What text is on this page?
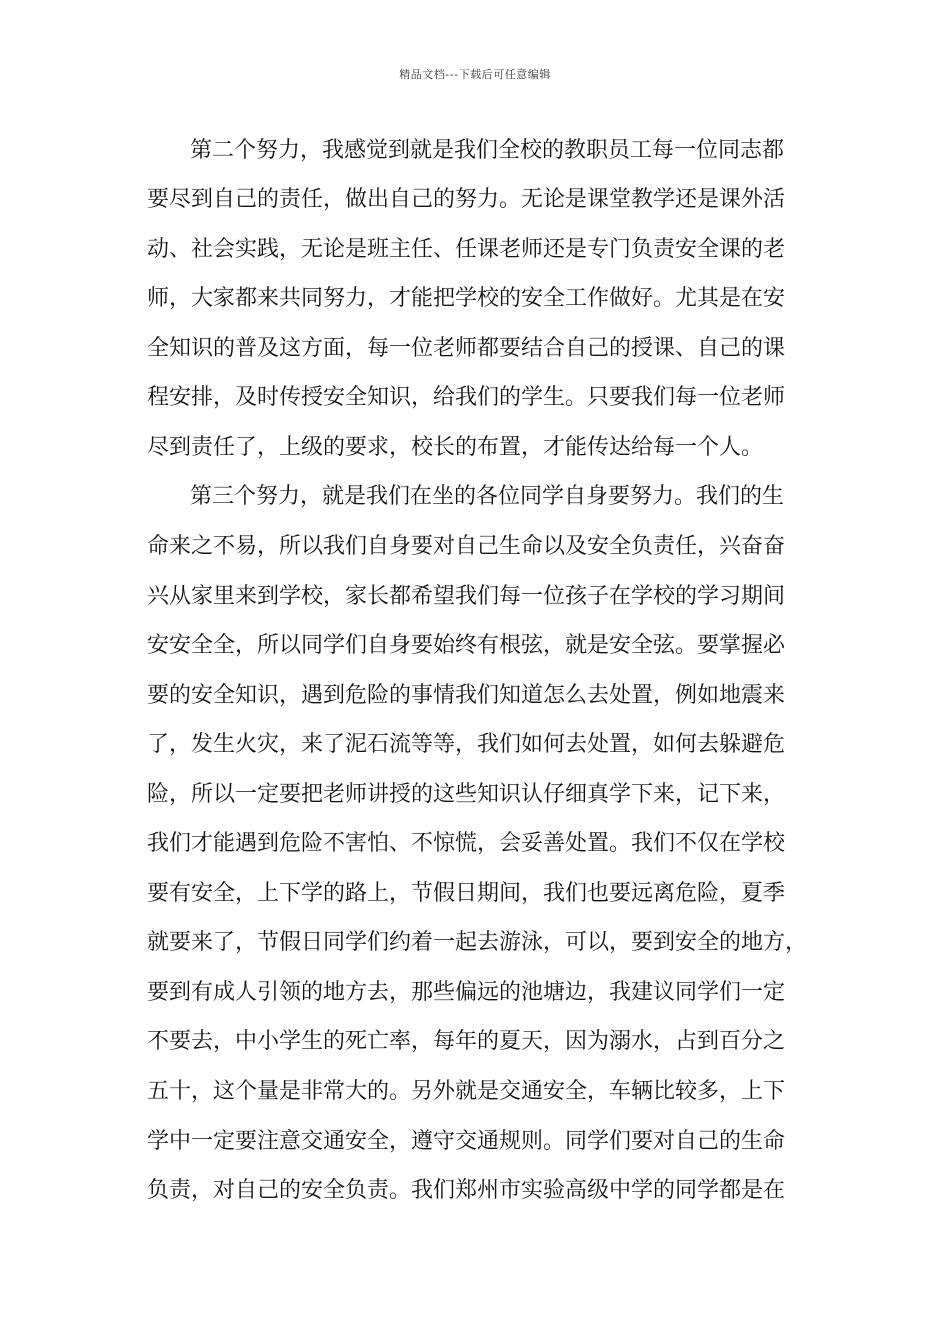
精品文档---下载后可任意编辑
第二个努力，我感觉到就是我们全校的教职员工每一位同志都
要尽到自己的责任，做出自己的努力。无论是课堂教学还是课外活
动、社会实践，无论是班主任、任课老师还是专门负责安全课的老
师，大家都来共同努力，才能把学校的安全工作做好。尤其是在安
全知识的普及这方面，每一位老师都要结合自己的授课、自己的课
程安排，及时传授安全知识，给我们的学生。只要我们每一位老师
尽到责任了，上级的要求，校长的布置，才能传达给每一个人。
第三个努力，就是我们在坐的各位同学自身要努力。我们的生
命来之不易，所以我们自身要对自己生命以及安全负责任，兴奋奋
兴从家里来到学校，家长都希望我们每一位孩子在学校的学习期间
安安全全，所以同学们自身要始终有根弦，就是安全弦。要掌握必
要的安全知识，遇到危险的事情我们知道怎么去处置，例如地震来
了，发生火灾，来了泥石流等等，我们如何去处置，如何去躲避危
险，所以一定要把老师讲授的这些知识认仔细真学下来，记下来，
我们才能遇到危险不害怕、不惊慌，会妥善处置。我们不仅在学校
要有安全，上下学的路上，节假日期间，我们也要远离危险，夏季
就要来了，节假日同学们约着一起去游泳，可以，要到安全的地方，
要到有成人引领的地方去，那些偏远的池塘边，我建议同学们一定
不要去，中小学生的死亡率，每年的夏天，因为溺水，占到百分之
五十，这个量是非常大的。另外就是交通安全，车辆比较多，上下
学中一定要注意交通安全，遵守交通规则。同学们要对自己的生命
负责，对自己的安全负责。我们郑州市实验高级中学的同学都是在
